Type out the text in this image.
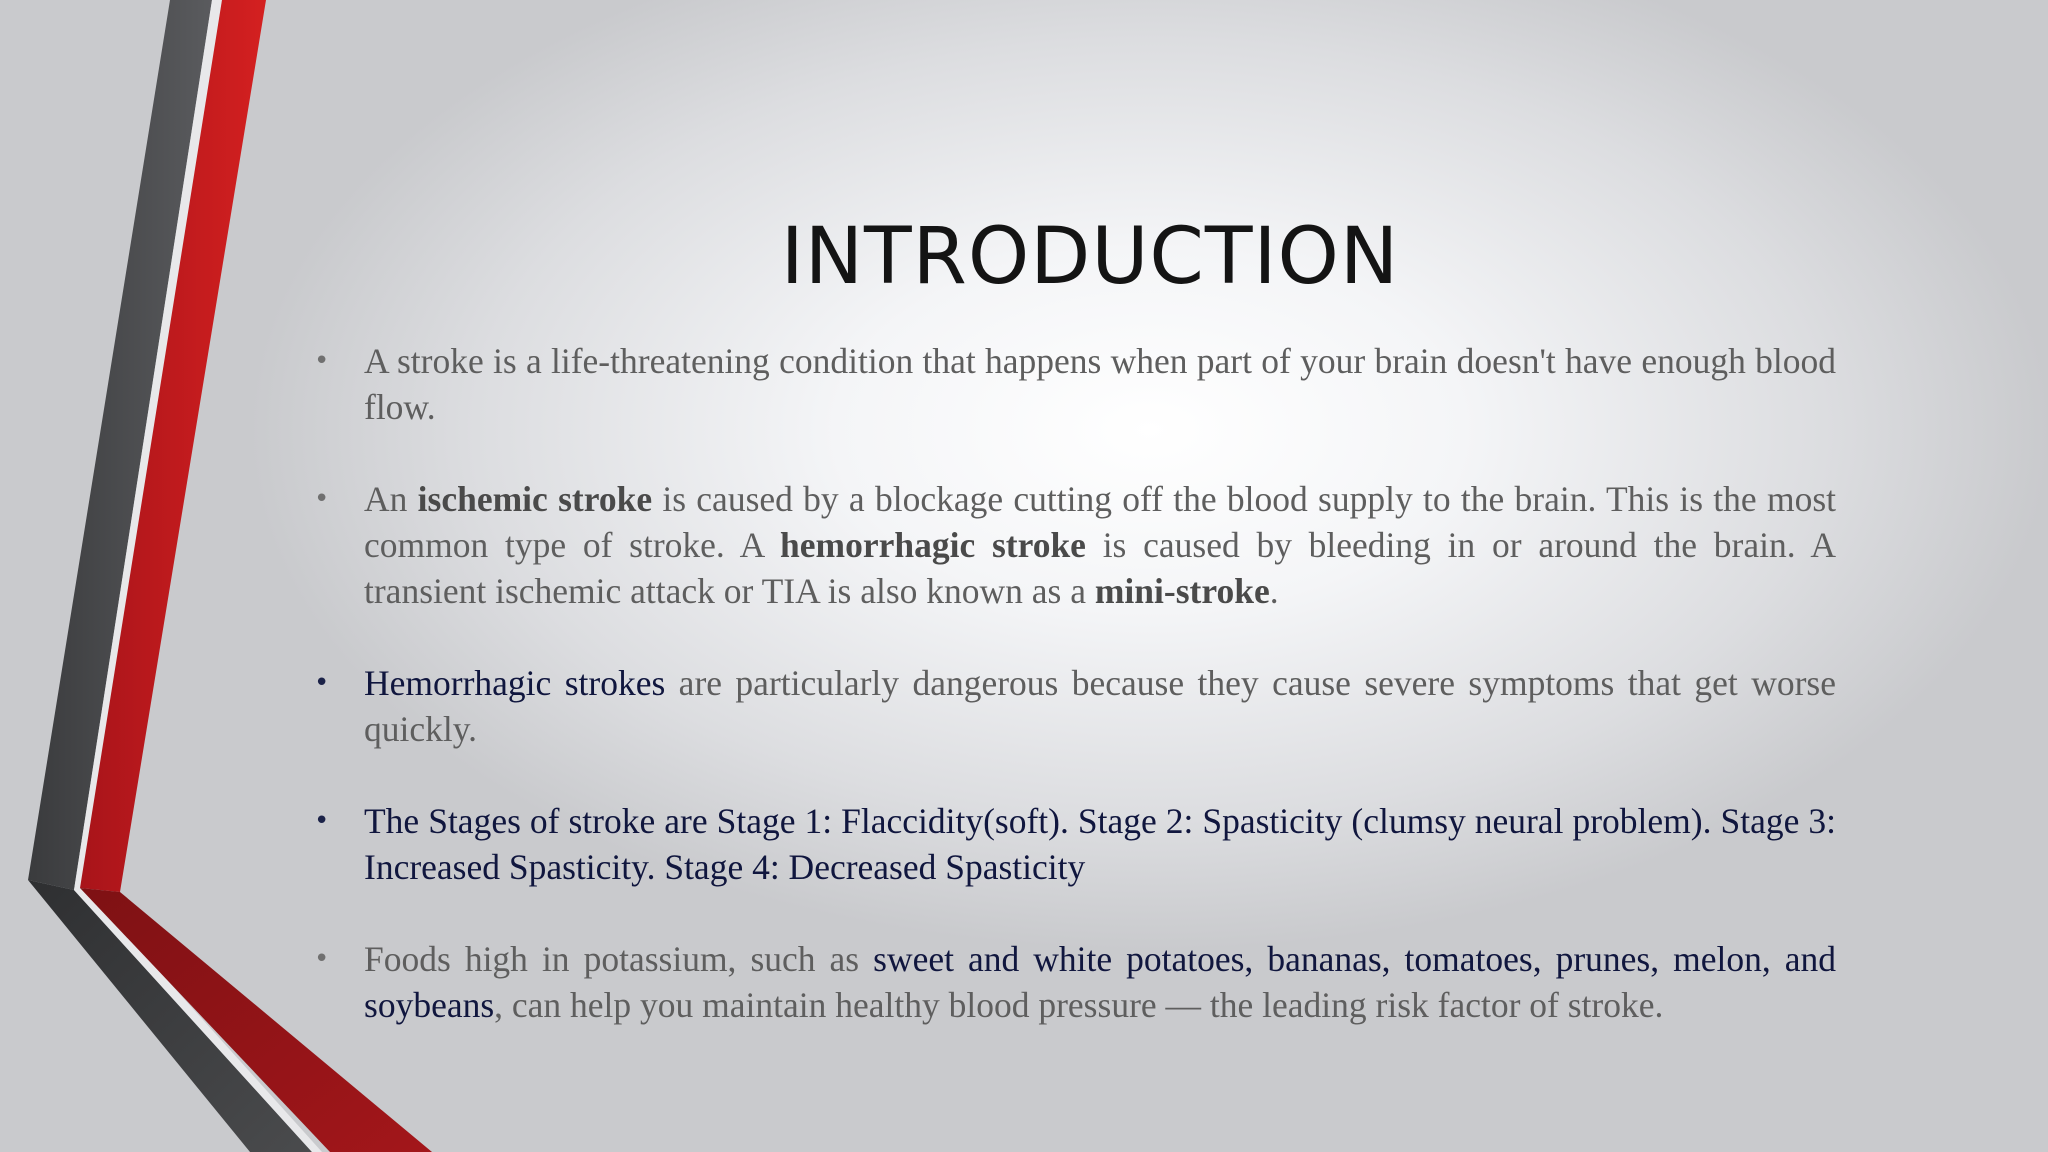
INTRODUCTION
• A stroke is a life-threatening condition that happens when part of your brain doesn't have enough blood flow.
• An ischemic stroke is caused by a blockage cutting off the blood supply to the brain. This is the most common type of stroke. A hemorrhagic stroke is caused by bleeding in or around the brain. A transient ischemic attack or TIA is also known as a mini-stroke.
• Hemorrhagic strokes are particularly dangerous because they cause severe symptoms that get worse quickly.
• The Stages of stroke are Stage 1: Flaccidity(soft). Stage 2: Spasticity (clumsy neural problem). Stage 3: Increased Spasticity. Stage 4: Decreased Spasticity
• Foods high in potassium, such as sweet and white potatoes, bananas, tomatoes, prunes, melon, and soybeans, can help you maintain healthy blood pressure — the leading risk factor of stroke.
